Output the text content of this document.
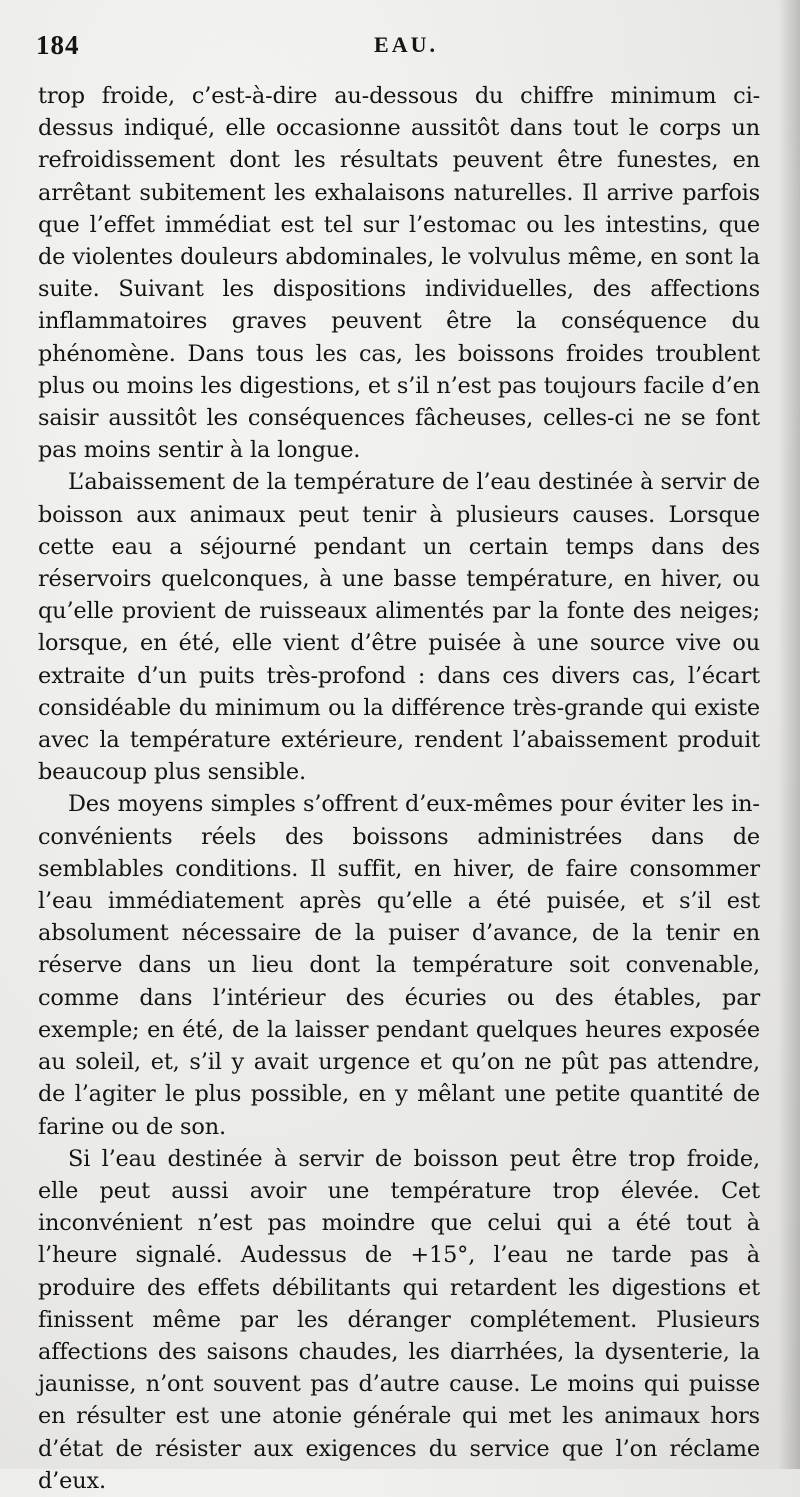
184	EAU.

trop froide, c’est-à-dire au-dessous du chiffre minimum ci-dessus indiqué, elle occasionne aussitôt dans tout le corps un refroidissement dont les résultats peuvent être funestes, en arrêtant subitement les exhalaisons naturelles. Il arrive parfois que l’effet immédiat est tel sur l’estomac ou les intestins, que de violentes douleurs abdominales, le volvulus même, en sont la suite. Suivant les dispositions individuelles, des affections inflammatoires graves peuvent être la conséquence du phénomène. Dans tous les cas, les boissons froides troublent plus ou moins les digestions, et s’il n’est pas toujours facile d’en saisir aussitôt les conséquences fâcheuses, celles-ci ne se font pas moins sentir à la longue.

L’abaissement de la température de l’eau destinée à servir de boisson aux animaux peut tenir à plusieurs causes. Lorsque cette eau a séjourné pendant un certain temps dans des réservoirs quelconques, à une basse température, en hiver, ou qu’elle provient de ruisseaux alimentés par la fonte des neiges; lorsque, en été, elle vient d’être puisée à une source vive ou extraite d’un puits très-profond : dans ces divers cas, l’écart considéable du minimum ou la différence très-grande qui existe avec la température extérieure, rendent l’abaissement produit beaucoup plus sensible.

Des moyens simples s’offrent d’eux-mêmes pour éviter les inconvénients réels des boissons administrées dans de semblables conditions. Il suffit, en hiver, de faire consommer l’eau immédiatement après qu’elle a été puisée, et s’il est absolument nécessaire de la puiser d’avance, de la tenir en réserve dans un lieu dont la température soit convenable, comme dans l’intérieur des écuries ou des étables, par exemple; en été, de la laisser pendant quelques heures exposée au soleil, et, s’il y avait urgence et qu’on ne pût pas attendre, de l’agiter le plus possible, en y mêlant une petite quantité de farine ou de son.

Si l’eau destinée à servir de boisson peut être trop froide, elle peut aussi avoir une température trop élevée. Cet inconvénient n’est pas moindre que celui qui a été tout à l’heure signalé. Audessus de +15°, l’eau ne tarde pas à produire des effets débilitants qui retardent les digestions et finissent même par les déranger complétement. Plusieurs affections des saisons chaudes, les diarrhées, la dysenterie, la jaunisse, n’ont souvent pas d’autre cause. Le moins qui puisse en résulter est une atonie générale qui met les animaux hors d’état de résister aux exigences du service que l’on réclame d’eux.
